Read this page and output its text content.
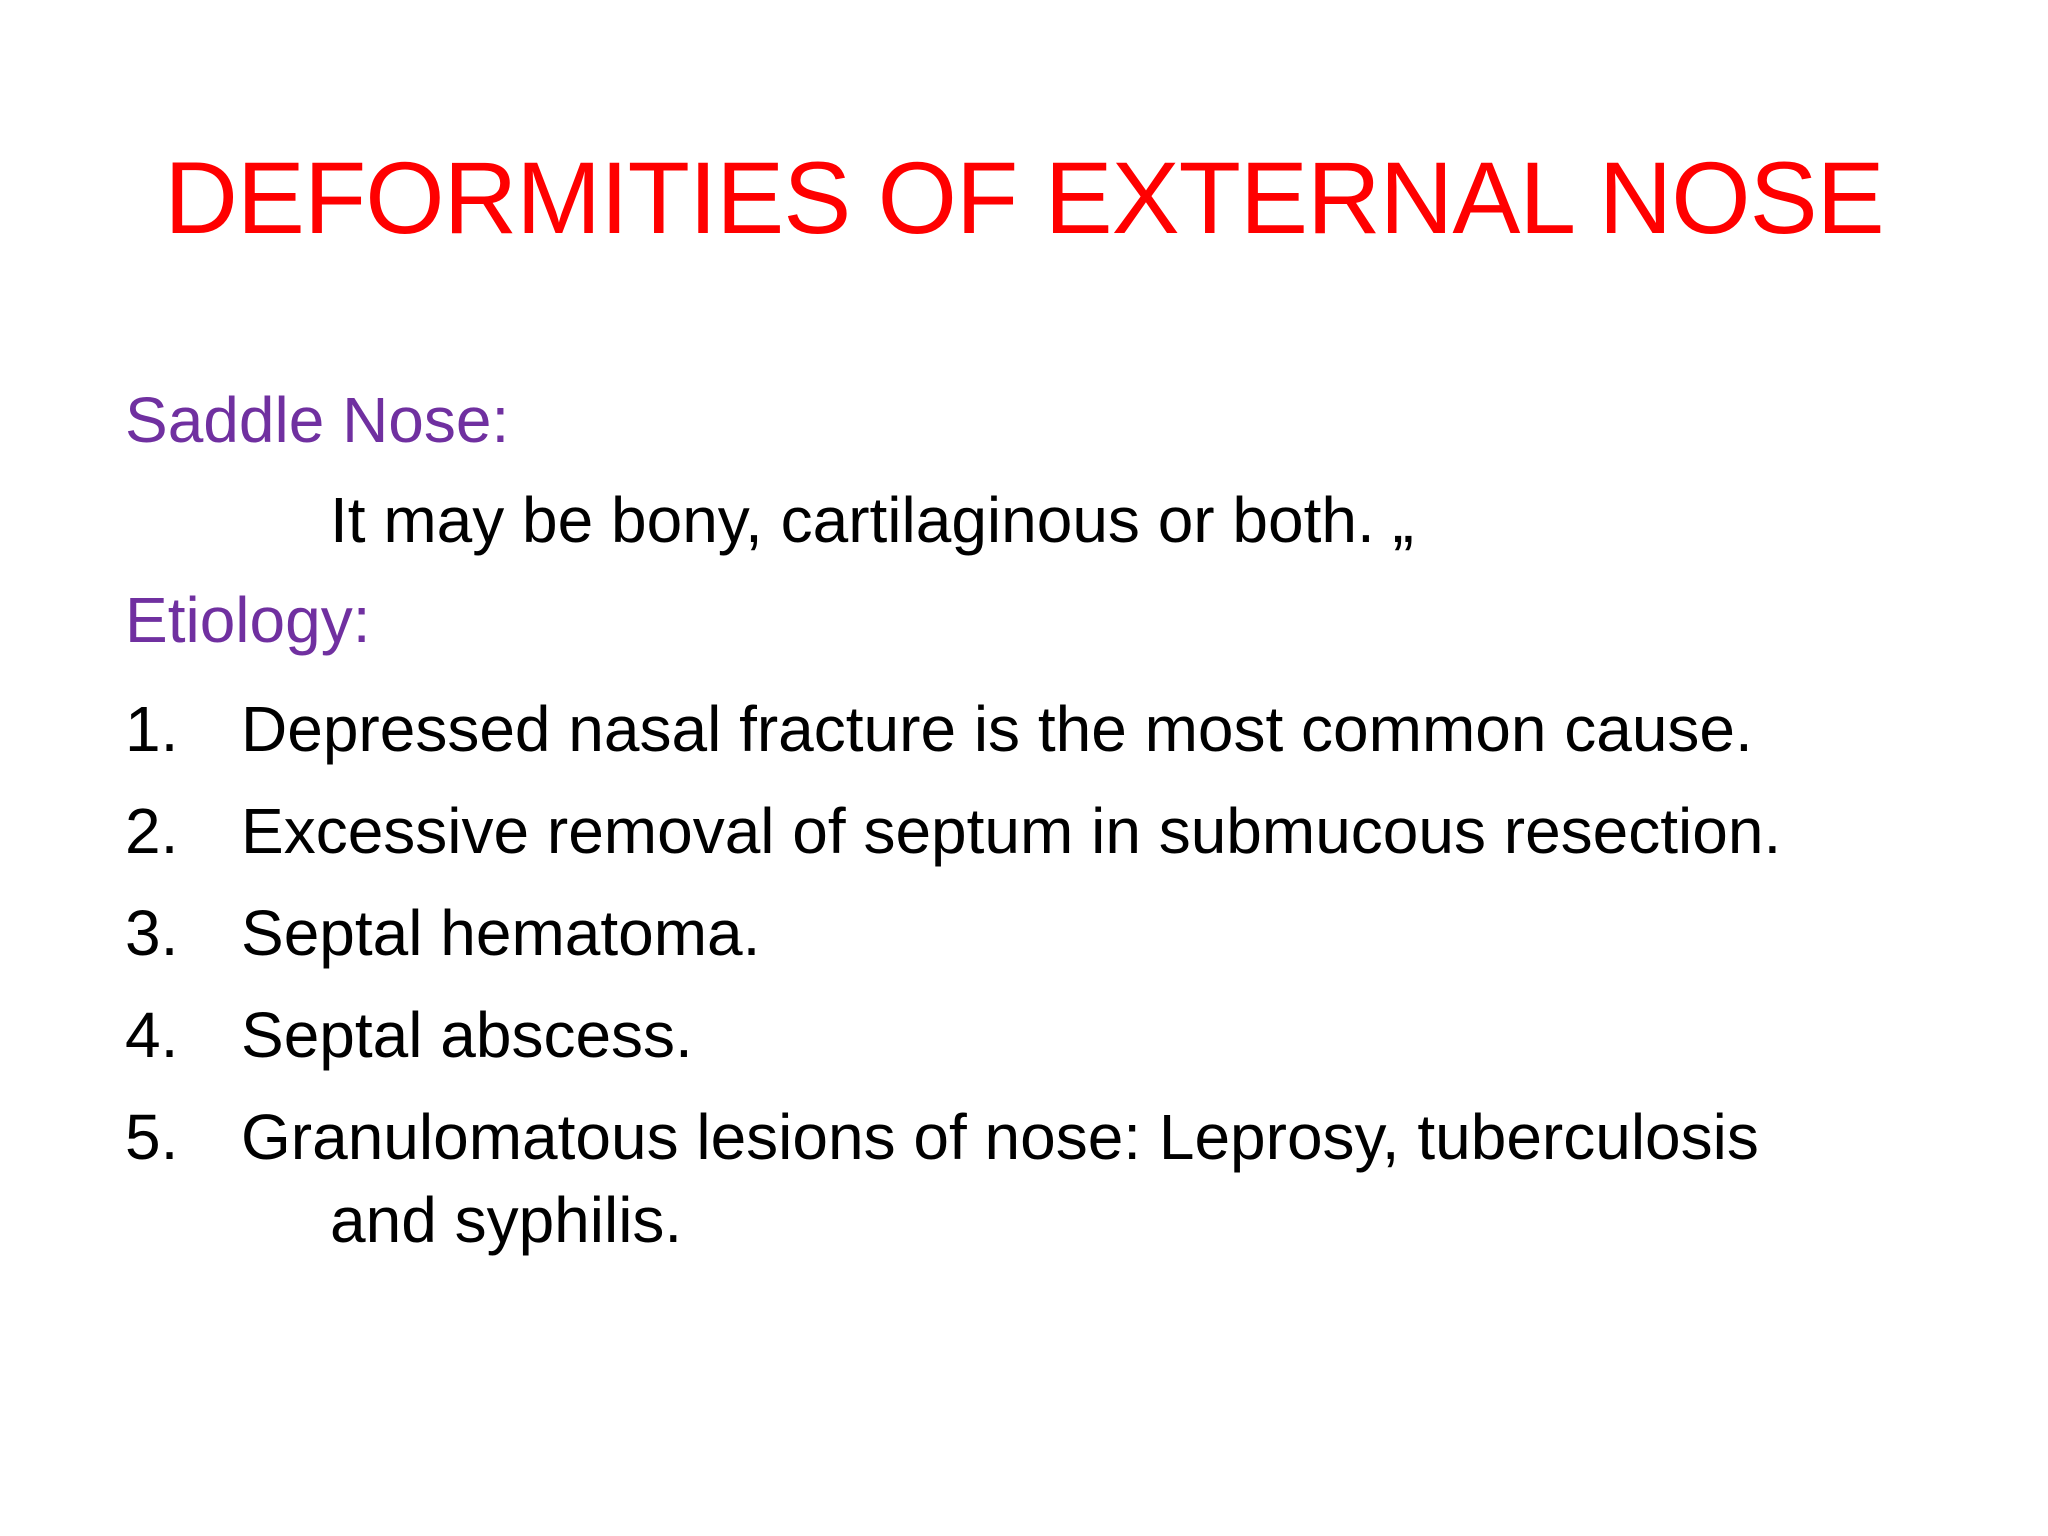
DEFORMITIES OF EXTERNAL NOSE
Saddle Nose:
It may be bony, cartilaginous or both. „
Etiology:
1. Depressed nasal fracture is the most common cause.
2. Excessive removal of septum in submucous resection.
3. Septal hematoma.
4. Septal abscess.
5. Granulomatous lesions of nose: Leprosy, tuberculosis
and syphilis.
